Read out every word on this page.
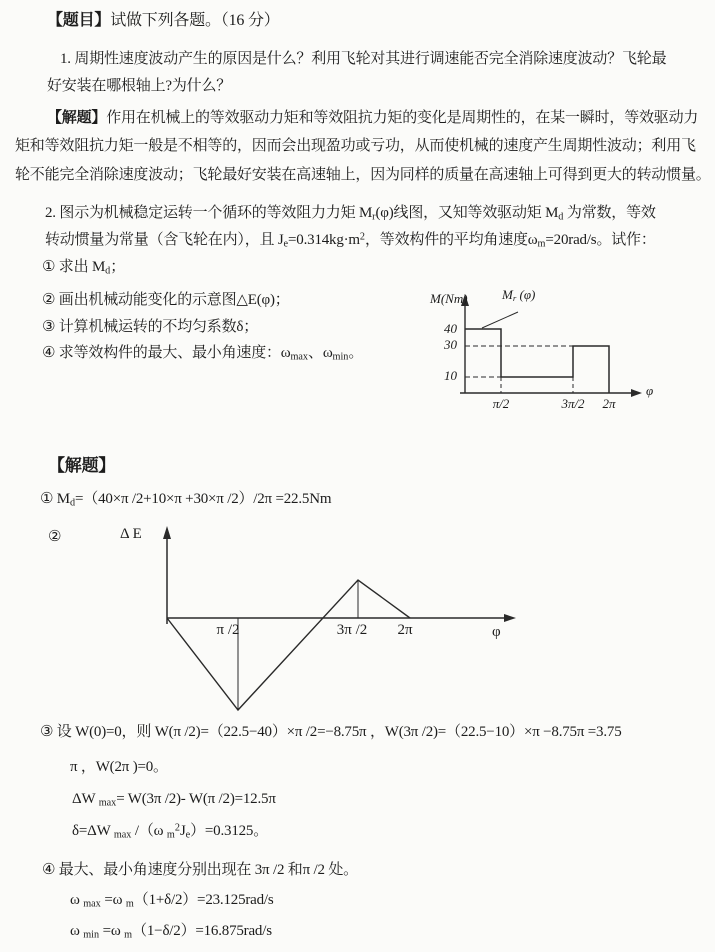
【题目】试做下列各题。（16 分）
1. 周期性速度波动产生的原因是什么？利用飞轮对其进行调速能否完全消除速度波动？飞轮最
好安装在哪根轴上?为什么？
【解题】作用在机械上的等效驱动力矩和等效阻抗力矩的变化是周期性的，在某一瞬时，等效驱动力
矩和等效阻抗力矩一般是不相等的，因而会出现盈功或亏功，从而使机械的速度产生周期性波动；利用飞
轮不能完全消除速度波动；飞轮最好安装在高速轴上，因为同样的质量在高速轴上可得到更大的转动惯量。
2. 图示为机械稳定运转一个循环的等效阻力力矩 $M_r(\varphi)$线图，又知等效驱动矩 $M_d$ 为常数，等效
转动惯量为常量（含飞轮在内），且 $J_e=0.314kg\cdot m^2$，等效构件的平均角速度$\omega_m=20rad/s$。试作：
① 求出 $M_d$；
② 画出机械动能变化的示意图△E(φ)；
③ 计算机械运转的不均匀系数δ；
④ 求等效构件的最大、最小角速度：$\omega_{max}$、$\omega_{min}$。
M(Nm)	$M_r$ (φ)
40
30
10
π/2	3π/2 2π
φ
【解题】
① $M_d=(40\times\pi$ /2+10×π +30×π /2）/2π =22.5Nm
②	Δ E
π /2	3π /2 2π	φ
③ 设 W(0)=0，则 W(π /2)=（22.5−40）×π /2=−8.75π ，W(3π /2)=（22.5−10）×π −8.75π =3.75
π ，W(2π )=0。
ΔW $_{max}$= W(3π /2)- W(π /2)=12.5π
δ=ΔW $_{max}$ /（ω $_m^2J_e)=0.3125$。
④ 最大、最小角速度分别出现在 3π /2 和π /2 处。
ω $_{max}$ =ω $_m$（1+δ/2）=23.125rad/s
ω $_{min}$ =ω $_m$（1−δ/2）=16.875rad/s
